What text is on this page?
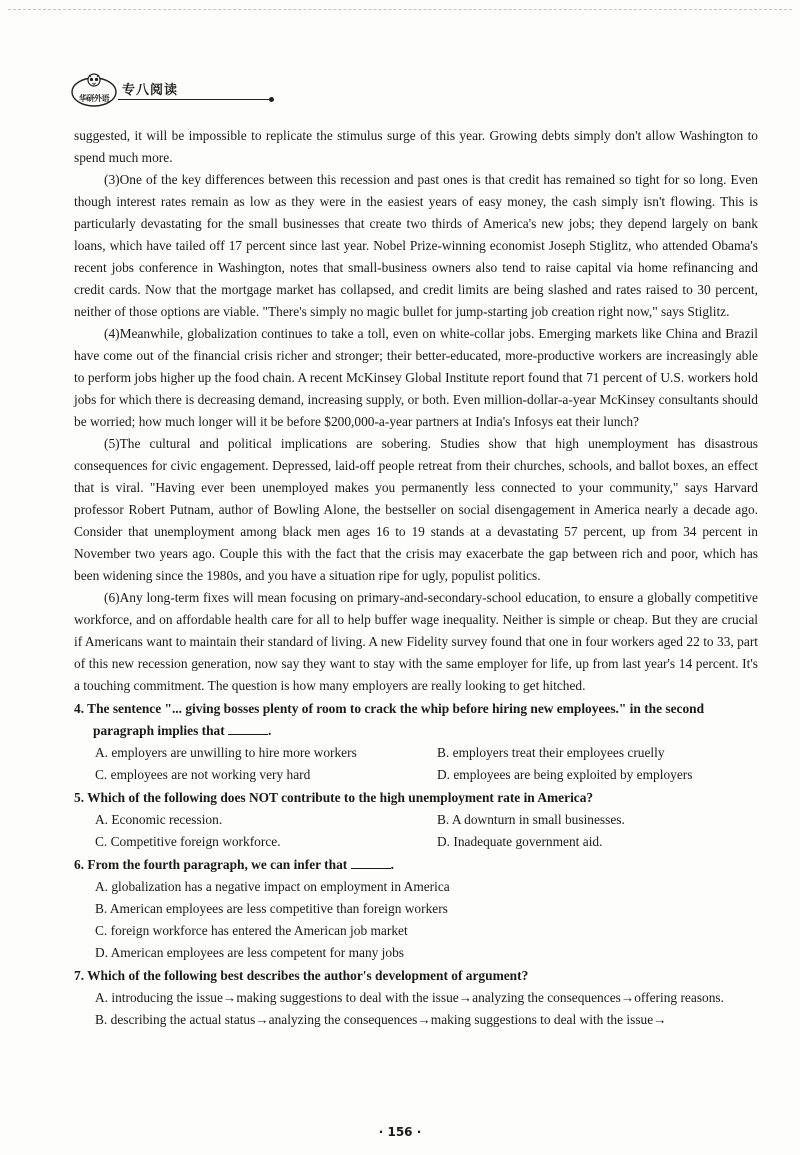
华研外语
专八阅读

suggested, it will be impossible to replicate the stimulus surge of this year. Growing debts simply don't allow Washington to spend much more.

(3)One of the key differences between this recession and past ones is that credit has remained so tight for so long. Even though interest rates remain as low as they were in the easiest years of easy money, the cash simply isn't flowing. This is particularly devastating for the small businesses that create two thirds of America's new jobs; they depend largely on bank loans, which have tailed off 17 percent since last year. Nobel Prize-winning economist Joseph Stiglitz, who attended Obama's recent jobs conference in Washington, notes that small-business owners also tend to raise capital via home refinancing and credit cards. Now that the mortgage market has collapsed, and credit limits are being slashed and rates raised to 30 percent, neither of those options are viable. "There's simply no magic bullet for jump-starting job creation right now," says Stiglitz.

(4)Meanwhile, globalization continues to take a toll, even on white-collar jobs. Emerging markets like China and Brazil have come out of the financial crisis richer and stronger; their better-educated, more-productive workers are increasingly able to perform jobs higher up the food chain. A recent McKinsey Global Institute report found that 71 percent of U.S. workers hold jobs for which there is decreasing demand, increasing supply, or both. Even million-dollar-a-year McKinsey consultants should be worried; how much longer will it be before $200,000-a-year partners at India's Infosys eat their lunch?

(5)The cultural and political implications are sobering. Studies show that high unemployment has disastrous consequences for civic engagement. Depressed, laid-off people retreat from their churches, schools, and ballot boxes, an effect that is viral. "Having ever been unemployed makes you permanently less connected to your community," says Harvard professor Robert Putnam, author of Bowling Alone, the bestseller on social disengagement in America nearly a decade ago. Consider that unemployment among black men ages 16 to 19 stands at a devastating 57 percent, up from 34 percent in November two years ago. Couple this with the fact that the crisis may exacerbate the gap between rich and poor, which has been widening since the 1980s, and you have a situation ripe for ugly, populist politics.

(6)Any long-term fixes will mean focusing on primary-and-secondary-school education, to ensure a globally competitive workforce, and on affordable health care for all to help buffer wage inequality. Neither is simple or cheap. But they are crucial if Americans want to maintain their standard of living. A new Fidelity survey found that one in four workers aged 22 to 33, part of this new recession generation, now say they want to stay with the same employer for life, up from last year's 14 percent. It's a touching commitment. The question is how many employers are really looking to get hitched.

4. The sentence "... giving bosses plenty of room to crack the whip before hiring new employees." in the second paragraph implies that	.
A. employers are unwilling to hire more workers	B. employers treat their employees cruelly
C. employees are not working very hard	D. employees are being exploited by employers
5. Which of the following does NOT contribute to the high unemployment rate in America?
A. Economic recession.	B. A downturn in small businesses.
C. Competitive foreign workforce.	D. Inadequate government aid.
6. From the fourth paragraph, we can infer that	.
A. globalization has a negative impact on employment in America
B. American employees are less competitive than foreign workers
C. foreign workforce has entered the American job market
D. American employees are less competent for many jobs
7. Which of the following best describes the author's development of argument?
A. introducing the issue→making suggestions to deal with the issue→analyzing the consequences→offering reasons.
B. describing the actual status→analyzing the consequences→making suggestions to deal with the issue→
· 156 ·
